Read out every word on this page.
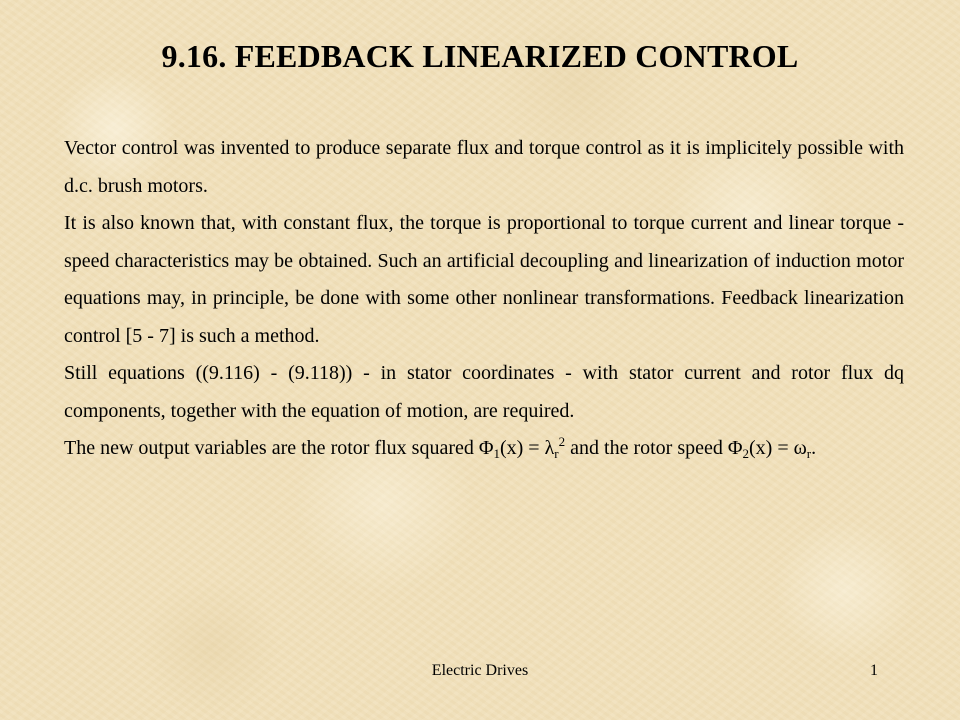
9.16. FEEDBACK LINEARIZED CONTROL

Vector control was invented to produce separate flux and torque control as it is implicitely possible with d.c. brush motors.

It is also known that, with constant flux, the torque is proportional to torque current and linear torque - speed characteristics may be obtained. Such an artificial decoupling and linearization of induction motor equations may, in principle, be done with some other nonlinear transformations. Feedback linearization control [5 - 7] is such a method.

Still equations ((9.116) - (9.118)) - in stator coordinates - with stator current and rotor flux dq components, together with the equation of motion, are required.

The new output variables are the rotor flux squared $\Phi_1(x) = \lambda_r^2$ and the rotor speed $\Phi_2(x) = \omega_r$.

Electric Drives	1
